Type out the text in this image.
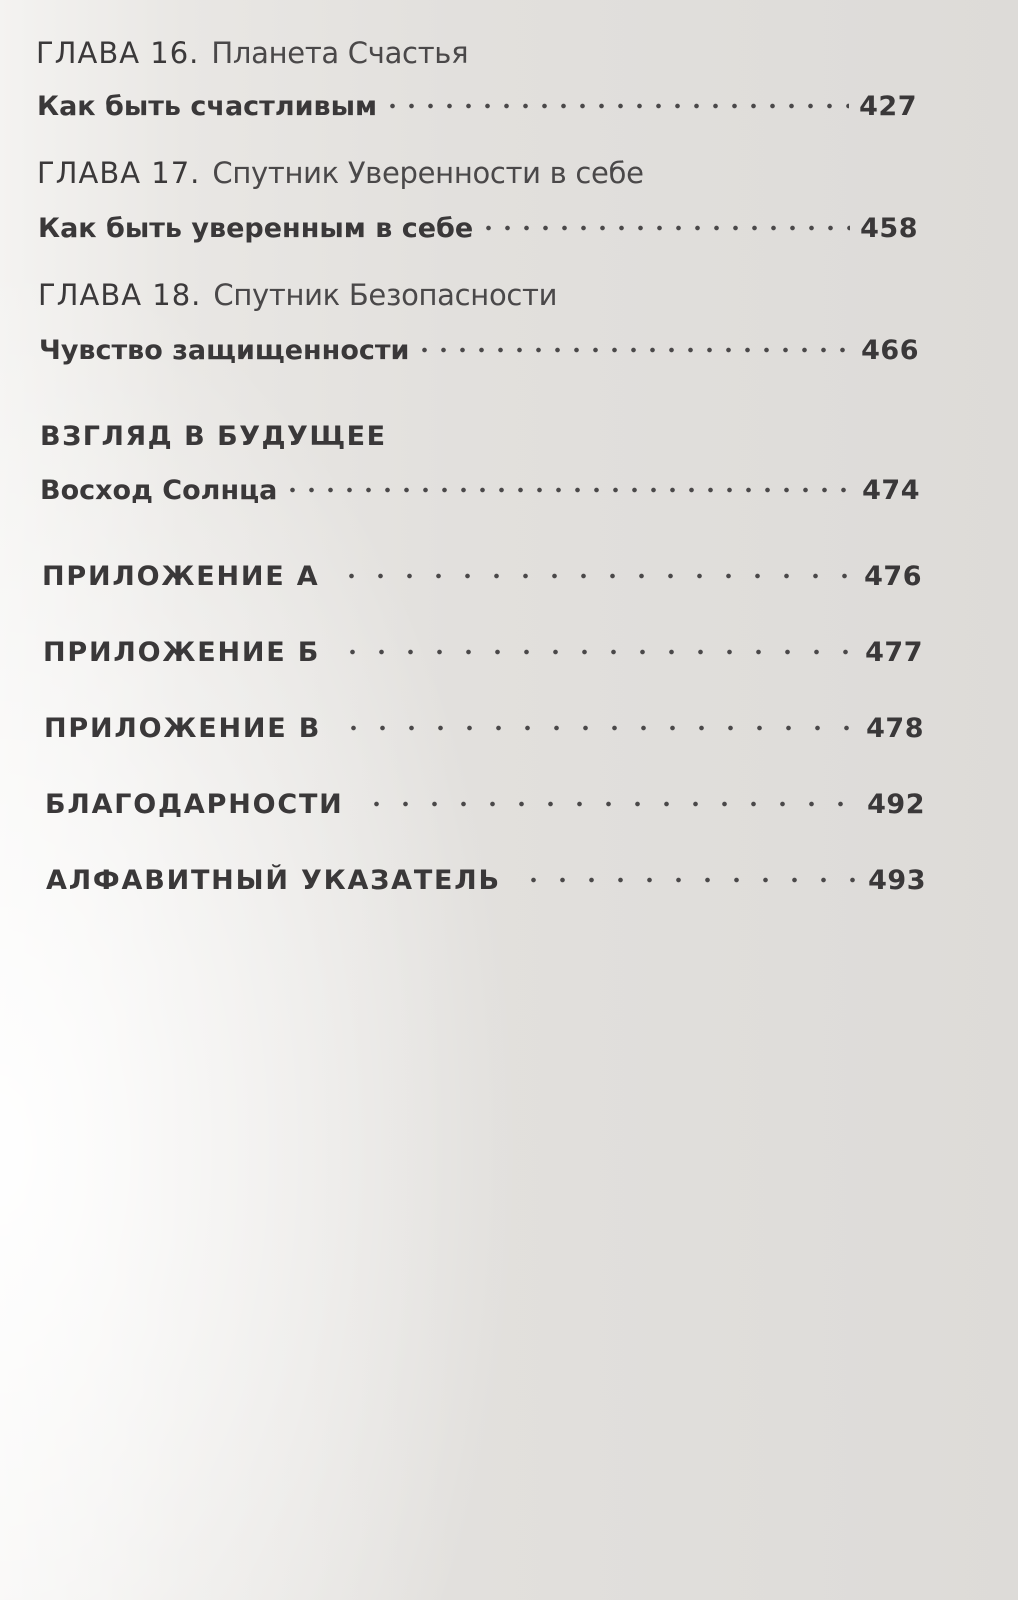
ГЛАВА 16. Планета Счастья
Как быть счастливым	427
ГЛАВА 17. Спутник Уверенности в себе
Как быть уверенным в себе	458
ГЛАВА 18. Спутник Безопасности
Чувство защищенности	466
ВЗГЛЯД В БУДУЩЕЕ
Восход Солнца	474
ПРИЛОЖЕНИЕ А	476
ПРИЛОЖЕНИЕ Б	477
ПРИЛОЖЕНИЕ В	478
БЛАГОДАРНОСТИ	492
АЛФАВИТНЫЙ УКАЗАТЕЛЬ	493
